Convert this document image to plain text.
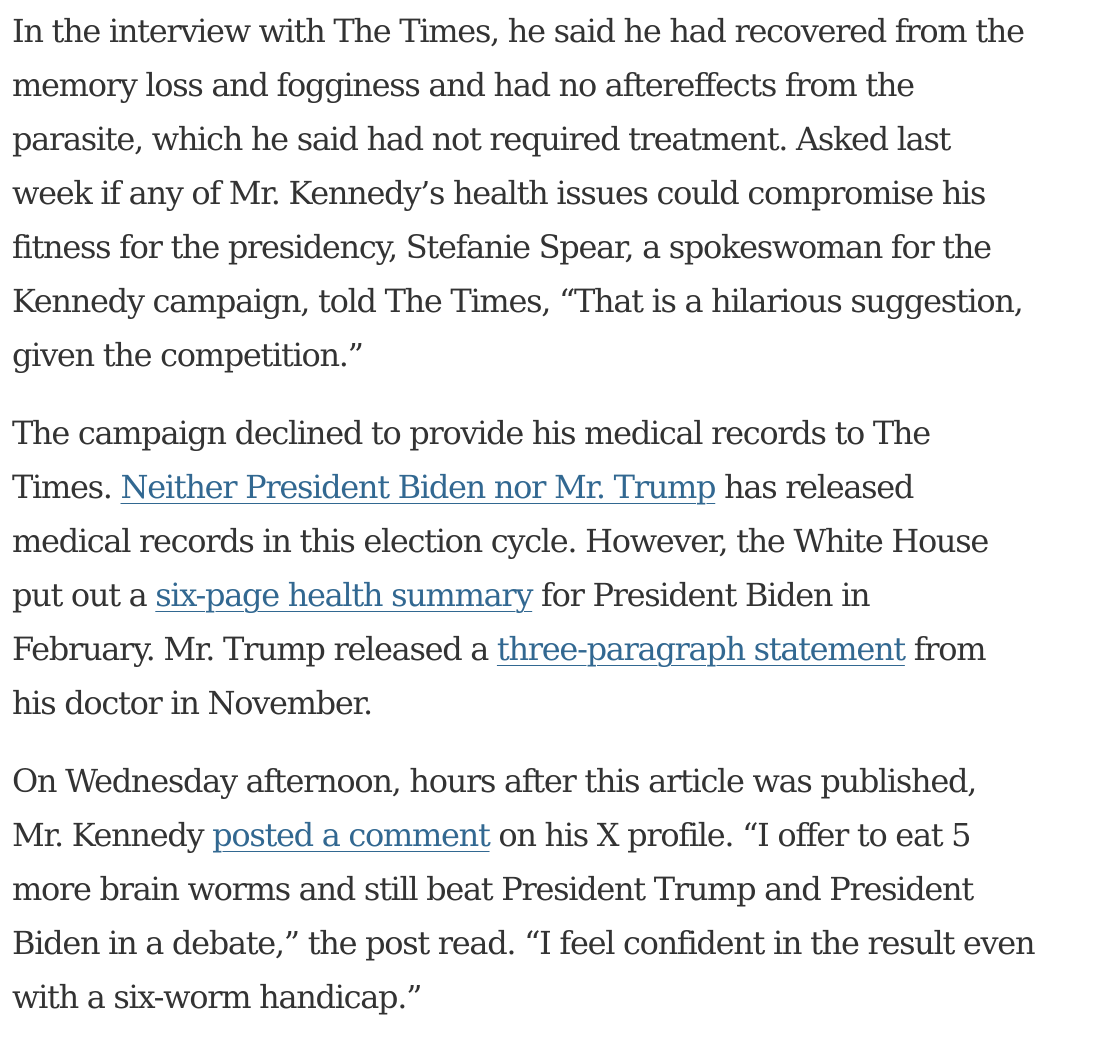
In the interview with The Times, he said he had recovered from the
memory loss and fogginess and had no aftereffects from the
parasite, which he said had not required treatment. Asked last
week if any of Mr. Kennedy’s health issues could compromise his
fitness for the presidency, Stefanie Spear, a spokeswoman for the
Kennedy campaign, told The Times, “That is a hilarious suggestion,
given the competition.”

The campaign declined to provide his medical records to The
Times. Neither President Biden nor Mr. Trump has released
medical records in this election cycle. However, the White House
put out a six-page health summary for President Biden in
February. Mr. Trump released a three-paragraph statement from
his doctor in November.

On Wednesday afternoon, hours after this article was published,
Mr. Kennedy posted a comment on his X profile. “I offer to eat 5
more brain worms and still beat President Trump and President
Biden in a debate,” the post read. “I feel confident in the result even
with a six-worm handicap.”
